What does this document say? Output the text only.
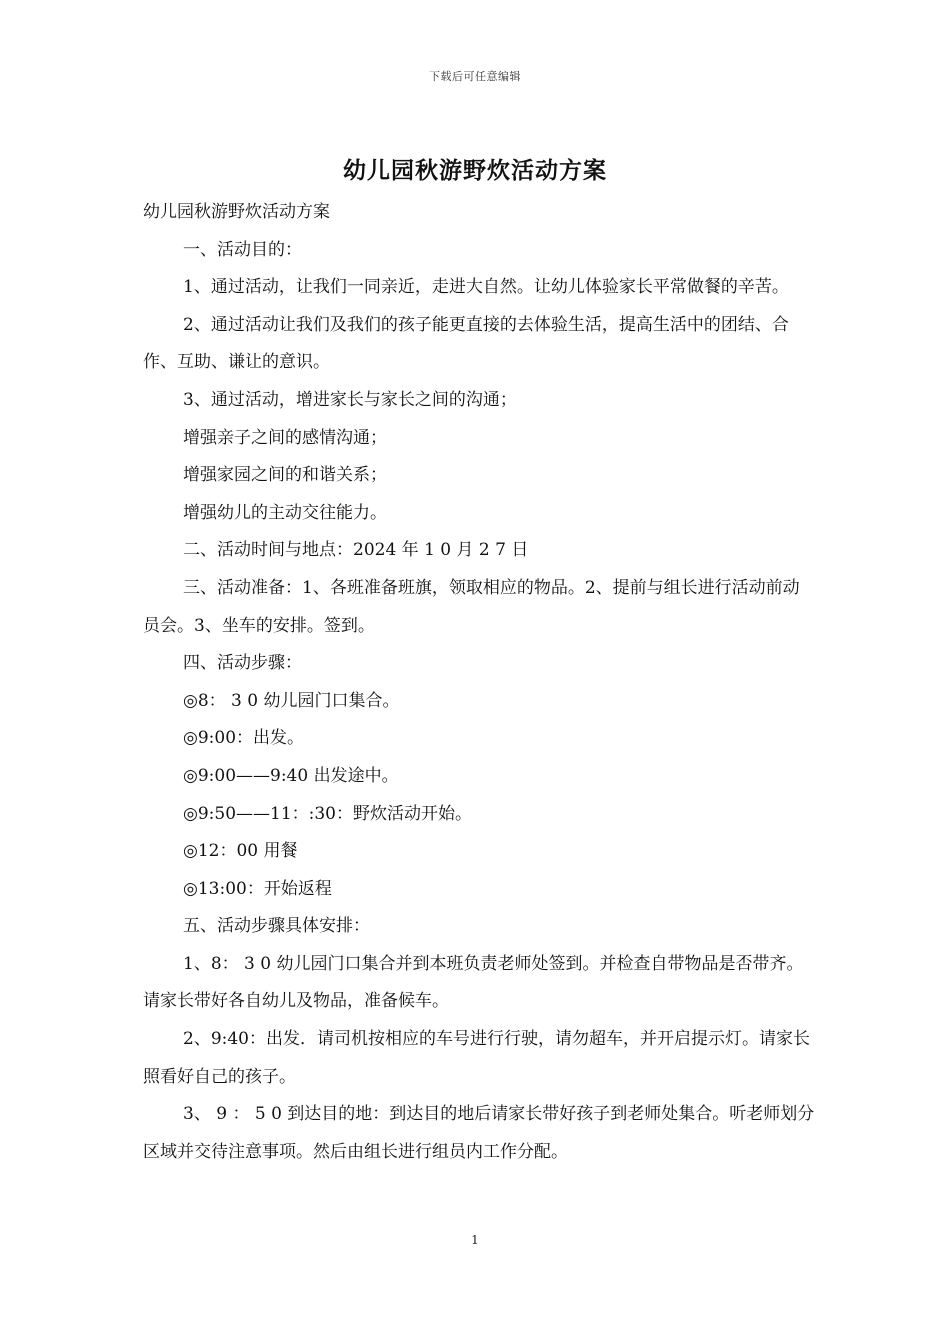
下载后可任意编辑
幼儿园秋游野炊活动方案

幼儿园秋游野炊活动方案

一、活动目的：

1、通过活动，让我们一同亲近，走进大自然。让幼儿体验家长平常做餐的辛苦。

2、通过活动让我们及我们的孩子能更直接的去体验生活，提高生活中的团结、合作、互助、谦让的意识。

3、通过活动，增进家长与家长之间的沟通；

增强亲子之间的感情沟通；

增强家园之间的和谐关系；

增强幼儿的主动交往能力。

二、活动时间与地点：2024 年 1 0 月 2 7 日

三、活动准备：1、各班准备班旗，领取相应的物品。2、提前与组长进行活动前动员会。3、坐车的安排。签到。

四、活动步骤：

◎8： 3 0 幼儿园门口集合。

◎9:00：出发。

◎9:00——9:40 出发途中。

◎9:50——11：:30：野炊活动开始。

◎12：00 用餐

◎13:00：开始返程

五、活动步骤具体安排：

1、8： 3 0 幼儿园门口集合并到本班负责老师处签到。并检查自带物品是否带齐。请家长带好各自幼儿及物品，准备候车。

2、9:40：出发．请司机按相应的车号进行行驶，请勿超车，并开启提示灯。请家长照看好自己的孩子。

3、 9 ： 5 0 到达目的地：到达目的地后请家长带好孩子到老师处集合。听老师划分区域并交待注意事项。然后由组长进行组员内工作分配。

1
